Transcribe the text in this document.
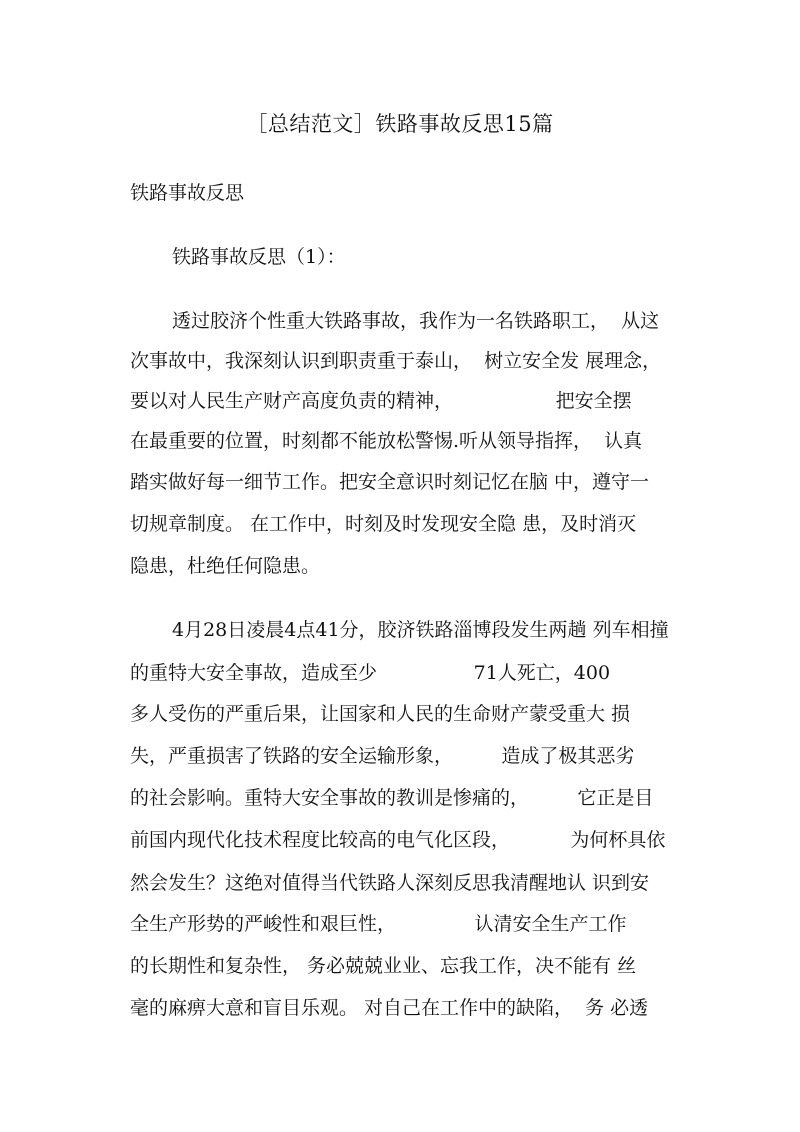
［总结范文］铁路事故反思15篇
铁路事故反思
铁路事故反思（1）：
透过胶济个性重大铁路事故，我作为一名铁路职工，  从这
次事故中，我深刻认识到职责重于泰山，  树立安全发 展理念，
要以对人民生产财产高度负责的精神，                 把安全摆
在最重要的位置，时刻都不能放松警惕.听从领导指挥，  认真
踏实做好每一细节工作。把安全意识时刻记忆在脑 中，遵守一
切规章制度。 在工作中，时刻及时发现安全隐 患，及时消灭
隐患，杜绝任何隐患。
4月28日凌晨4点41分，胶济铁路淄博段发生两趟 列车相撞
的重特大安全事故，造成至少                71人死亡，400
多人受伤的严重后果，让国家和人民的生命财产蒙受重大 损
失，严重损害了铁路的安全运输形象，        造成了极其恶劣
的社会影响。重特大安全事故的教训是惨痛的，        它正是目
前国内现代化技术程度比较高的电气化区段，          为何杯具依
然会发生？这绝对值得当代铁路人深刻反思我清醒地认 识到安
全生产形势的严峻性和艰巨性，             认清安全生产工作
的长期性和复杂性， 务必兢兢业业、忘我工作，决不能有 丝
毫的麻痹大意和盲目乐观。 对自己在工作中的缺陷，  务 必透
